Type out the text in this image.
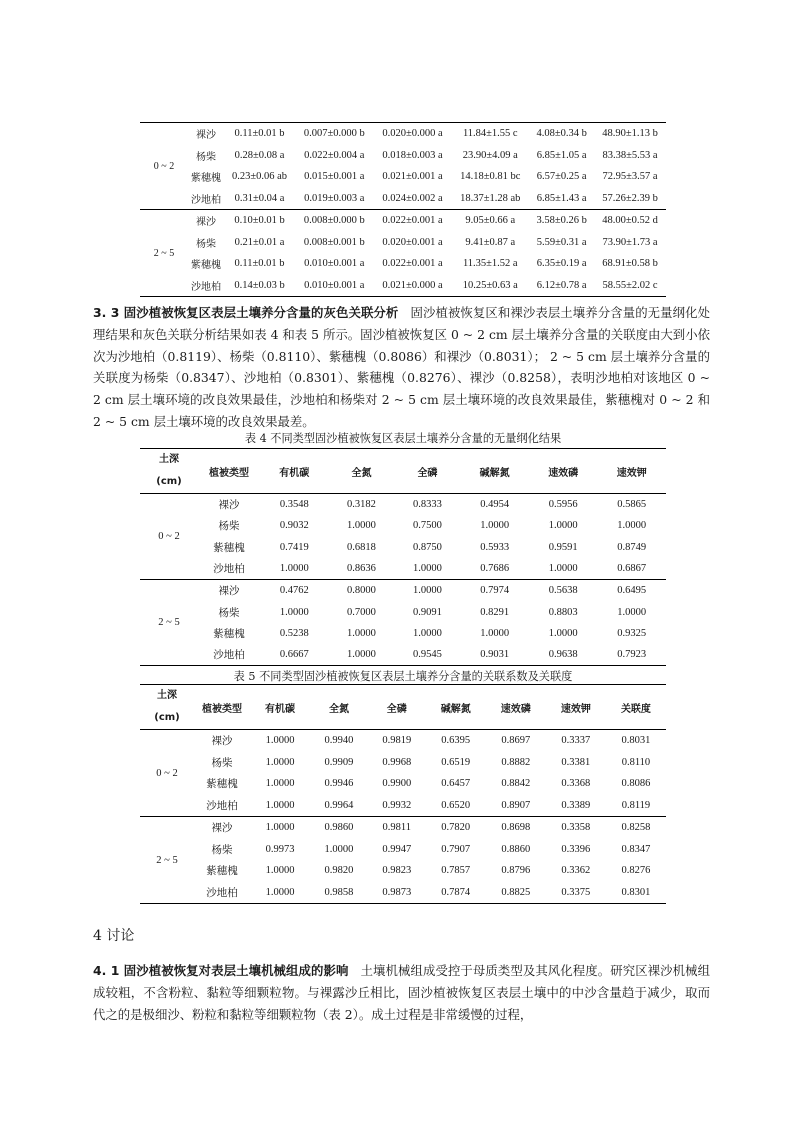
0 ~ 2	裸沙	0.11±0.01 b	0.007±0.000 b	0.020±0.000 a	11.84±1.55 c	4.08±0.34 b	48.90±1.13 b
	杨柴	0.28±0.08 a	0.022±0.004 a	0.018±0.003 a	23.90±4.09 a	6.85±1.05 a	83.38±5.53 a
	紫穗槐	0.23±0.06 ab	0.015±0.001 a	0.021±0.001 a	14.18±0.81 bc	6.57±0.25 a	72.95±3.57 a
	沙地柏	0.31±0.04 a	0.019±0.003 a	0.024±0.002 a	18.37±1.28 ab	6.85±1.43 a	57.26±2.39 b
2 ~ 5	裸沙	0.10±0.01 b	0.008±0.000 b	0.022±0.001 a	9.05±0.66 a	3.58±0.26 b	48.00±0.52 d
	杨柴	0.21±0.01 a	0.008±0.001 b	0.020±0.001 a	9.41±0.87 a	5.59±0.31 a	73.90±1.73 a
	紫穗槐	0.11±0.01 b	0.010±0.001 a	0.022±0.001 a	11.35±1.52 a	6.35±0.19 a	68.91±0.58 b
	沙地柏	0.14±0.03 b	0.010±0.001 a	0.021±0.000 a	10.25±0.63 a	6.12±0.78 a	58.55±2.02 c
3. 3 固沙植被恢复区表层土壤养分含量的灰色关联分析 固沙植被恢复区和裸沙表层土壤养分含量的无量纲化处理结果和灰色关联分析结果如表 4 和表 5 所示。固沙植被恢复区 0 ~ 2 cm 层土壤养分含量的关联度由大到小依次为沙地柏（0.8119）、杨柴（0.8110）、紫穗槐（0.8086）和裸沙（0.8031）； 2 ~ 5 cm 层土壤养分含量的关联度为杨柴（0.8347）、沙地柏（0.8301）、紫穗槐（0.8276）、裸沙（0.8258），表明沙地柏对该地区 0 ~ 2 cm 层土壤环境的改良效果最佳，沙地柏和杨柴对 2 ~ 5 cm 层土壤环境的改良效果最佳，紫穗槐对 0 ~ 2 和 2 ~ 5 cm 层土壤环境的改良效果最差。
表 4 不同类型固沙植被恢复区表层土壤养分含量的无量纲化结果
土深
(cm)	植被类型	有机碳	全氮	全磷	碱解氮	速效磷	速效钾
0 ~ 2	裸沙	0.3548	0.3182	0.8333	0.4954	0.5956	0.5865
	杨柴	0.9032	1.0000	0.7500	1.0000	1.0000	1.0000
	紫穗槐	0.7419	0.6818	0.8750	0.5933	0.9591	0.8749
	沙地柏	1.0000	0.8636	1.0000	0.7686	1.0000	0.6867
2 ~ 5	裸沙	0.4762	0.8000	1.0000	0.7974	0.5638	0.6495
	杨柴	1.0000	0.7000	0.9091	0.8291	0.8803	1.0000
	紫穗槐	0.5238	1.0000	1.0000	1.0000	1.0000	0.9325
	沙地柏	0.6667	1.0000	0.9545	0.9031	0.9638	0.7923
表 5 不同类型固沙植被恢复区表层土壤养分含量的关联系数及关联度
土深
(cm)	植被类型	有机碳	全氮	全磷	碱解氮	速效磷	速效钾	关联度
0 ~ 2	裸沙	1.0000	0.9940	0.9819	0.6395	0.8697	0.3337	0.8031
	杨柴	1.0000	0.9909	0.9968	0.6519	0.8882	0.3381	0.8110
	紫穗槐	1.0000	0.9946	0.9900	0.6457	0.8842	0.3368	0.8086
	沙地柏	1.0000	0.9964	0.9932	0.6520	0.8907	0.3389	0.8119
2 ~ 5	裸沙	1.0000	0.9860	0.9811	0.7820	0.8698	0.3358	0.8258
	杨柴	0.9973	1.0000	0.9947	0.7907	0.8860	0.3396	0.8347
	紫穗槐	1.0000	0.9820	0.9823	0.7857	0.8796	0.3362	0.8276
	沙地柏	1.0000	0.9858	0.9873	0.7874	0.8825	0.3375	0.8301
4 讨论
4. 1 固沙植被恢复对表层土壤机械组成的影响 土壤机械组成受控于母质类型及其风化程度。研究区裸沙机械组成较粗，不含粉粒、黏粒等细颗粒物。与裸露沙丘相比，固沙植被恢复区表层土壤中的中沙含量趋于减少，取而代之的是极细沙、粉粒和黏粒等细颗粒物（表 2）。成土过程是非常缓慢的过程，
